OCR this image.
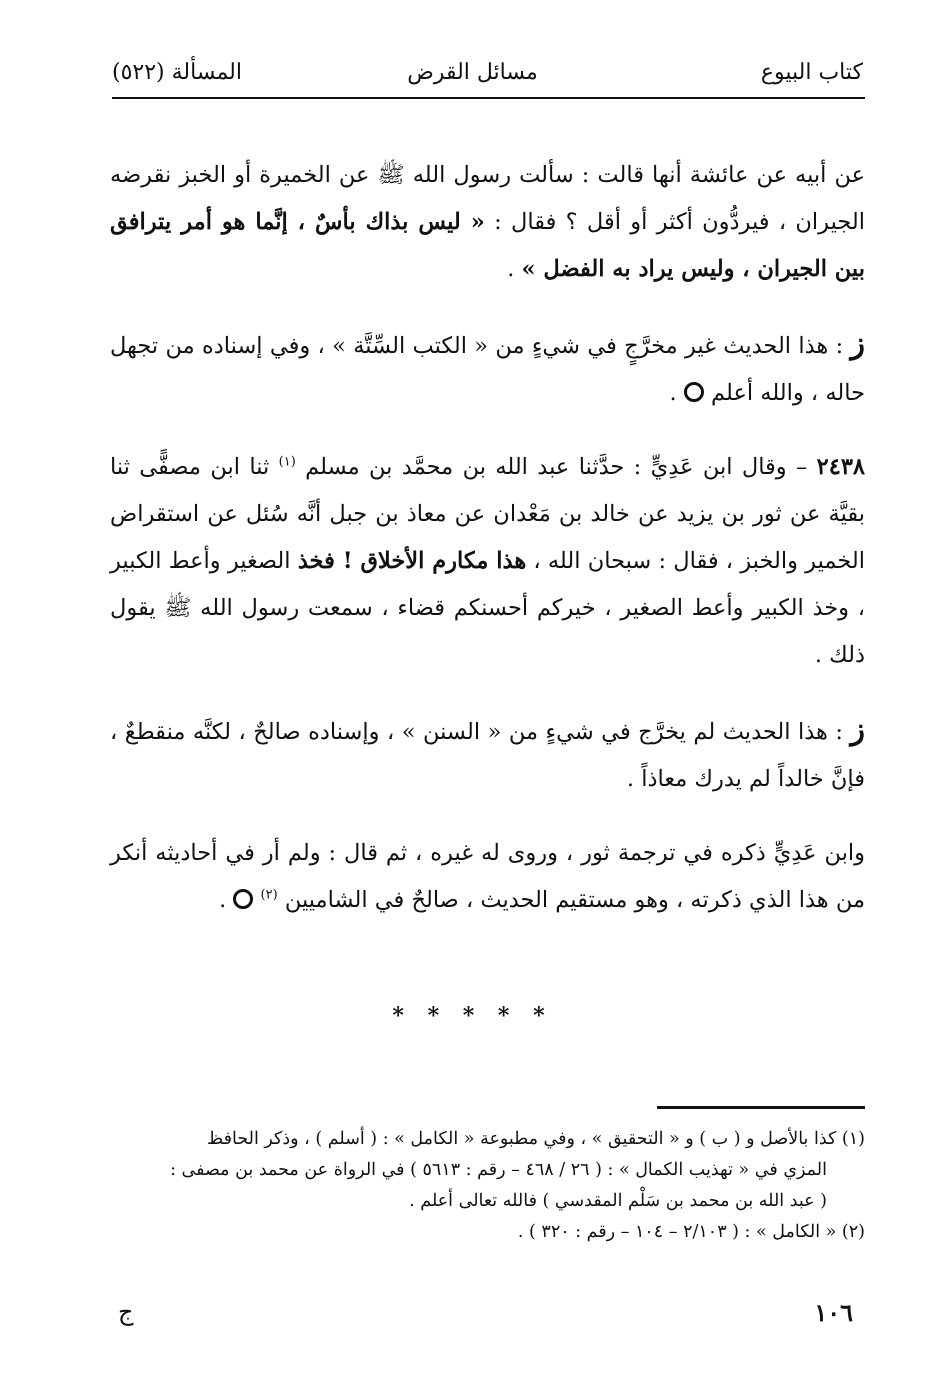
كتاب البيوع
مسائل القرض
المسألة (٥٢٢)

عن أبيه عن عائشة أنها قالت : سألت رسول الله ﷺ عن الخميرة أو الخبز نقرضه الجيران ، فيردُّون أكثر أو أقل ؟ فقال : « ليس بذاك بأسٌ ، إنَّما هو أمر يترافق بين الجيران ، وليس يراد به الفضل » .

ز : هذا الحديث غير مخرَّجٍ في شيءٍ من « الكتب السِّتَّة » ، وفي إسناده من تجهل حاله ، والله أعلم  .

٢٤٣٨ – وقال ابن عَدِيٍّ : حدَّثنا عبد الله بن محمَّد بن مسلم $^{(١)}$ ثنا ابن مصفًّى ثنا بقيَّة عن ثور بن يزيد عن خالد بن مَعْدان عن معاذ بن جبل أنَّه سُئل عن استقراض الخمير والخبز ، فقال : سبحان الله ، هذا مكارم الأخلاق ! فخذ الصغير وأعط الكبير ، وخذ الكبير وأعط الصغير ، خيركم أحسنكم قضاء ، سمعت رسول الله ﷺ يقول ذلك .

ز : هذا الحديث لم يخرَّج في شيءٍ من « السنن » ، وإسناده صالحٌ ، لكنَّه منقطعٌ ، فإنَّ خالداً لم يدرك معاذاً .

وابن عَدِيٍّ ذكره في ترجمة ثور ، وروى له غيره ، ثم قال : ولم أر في أحاديثه أنكر من هذا الذي ذكرته ، وهو مستقيم الحديث ، صالحٌ في الشاميين $^{(٢)}$  .

* * * * *

(١) كذا بالأصل و ( ب ) و « التحقيق » ، وفي مطبوعة « الكامل » : ( أسلم ) ، وذكر الحافظ

المزي في « تهذيب الكمال » : ( ٢٦ / ٤٦٨ – رقم : ٥٦١٣ ) في الرواة عن محمد بن مصفى :

( عبد الله بن محمد بن سَلْم المقدسي ) فالله تعالى أعلم .

(٢) « الكامل » : ( ٢/١٠٣ – ١٠٤ – رقم : ٣٢٠ ) .

١٠٦
ج
